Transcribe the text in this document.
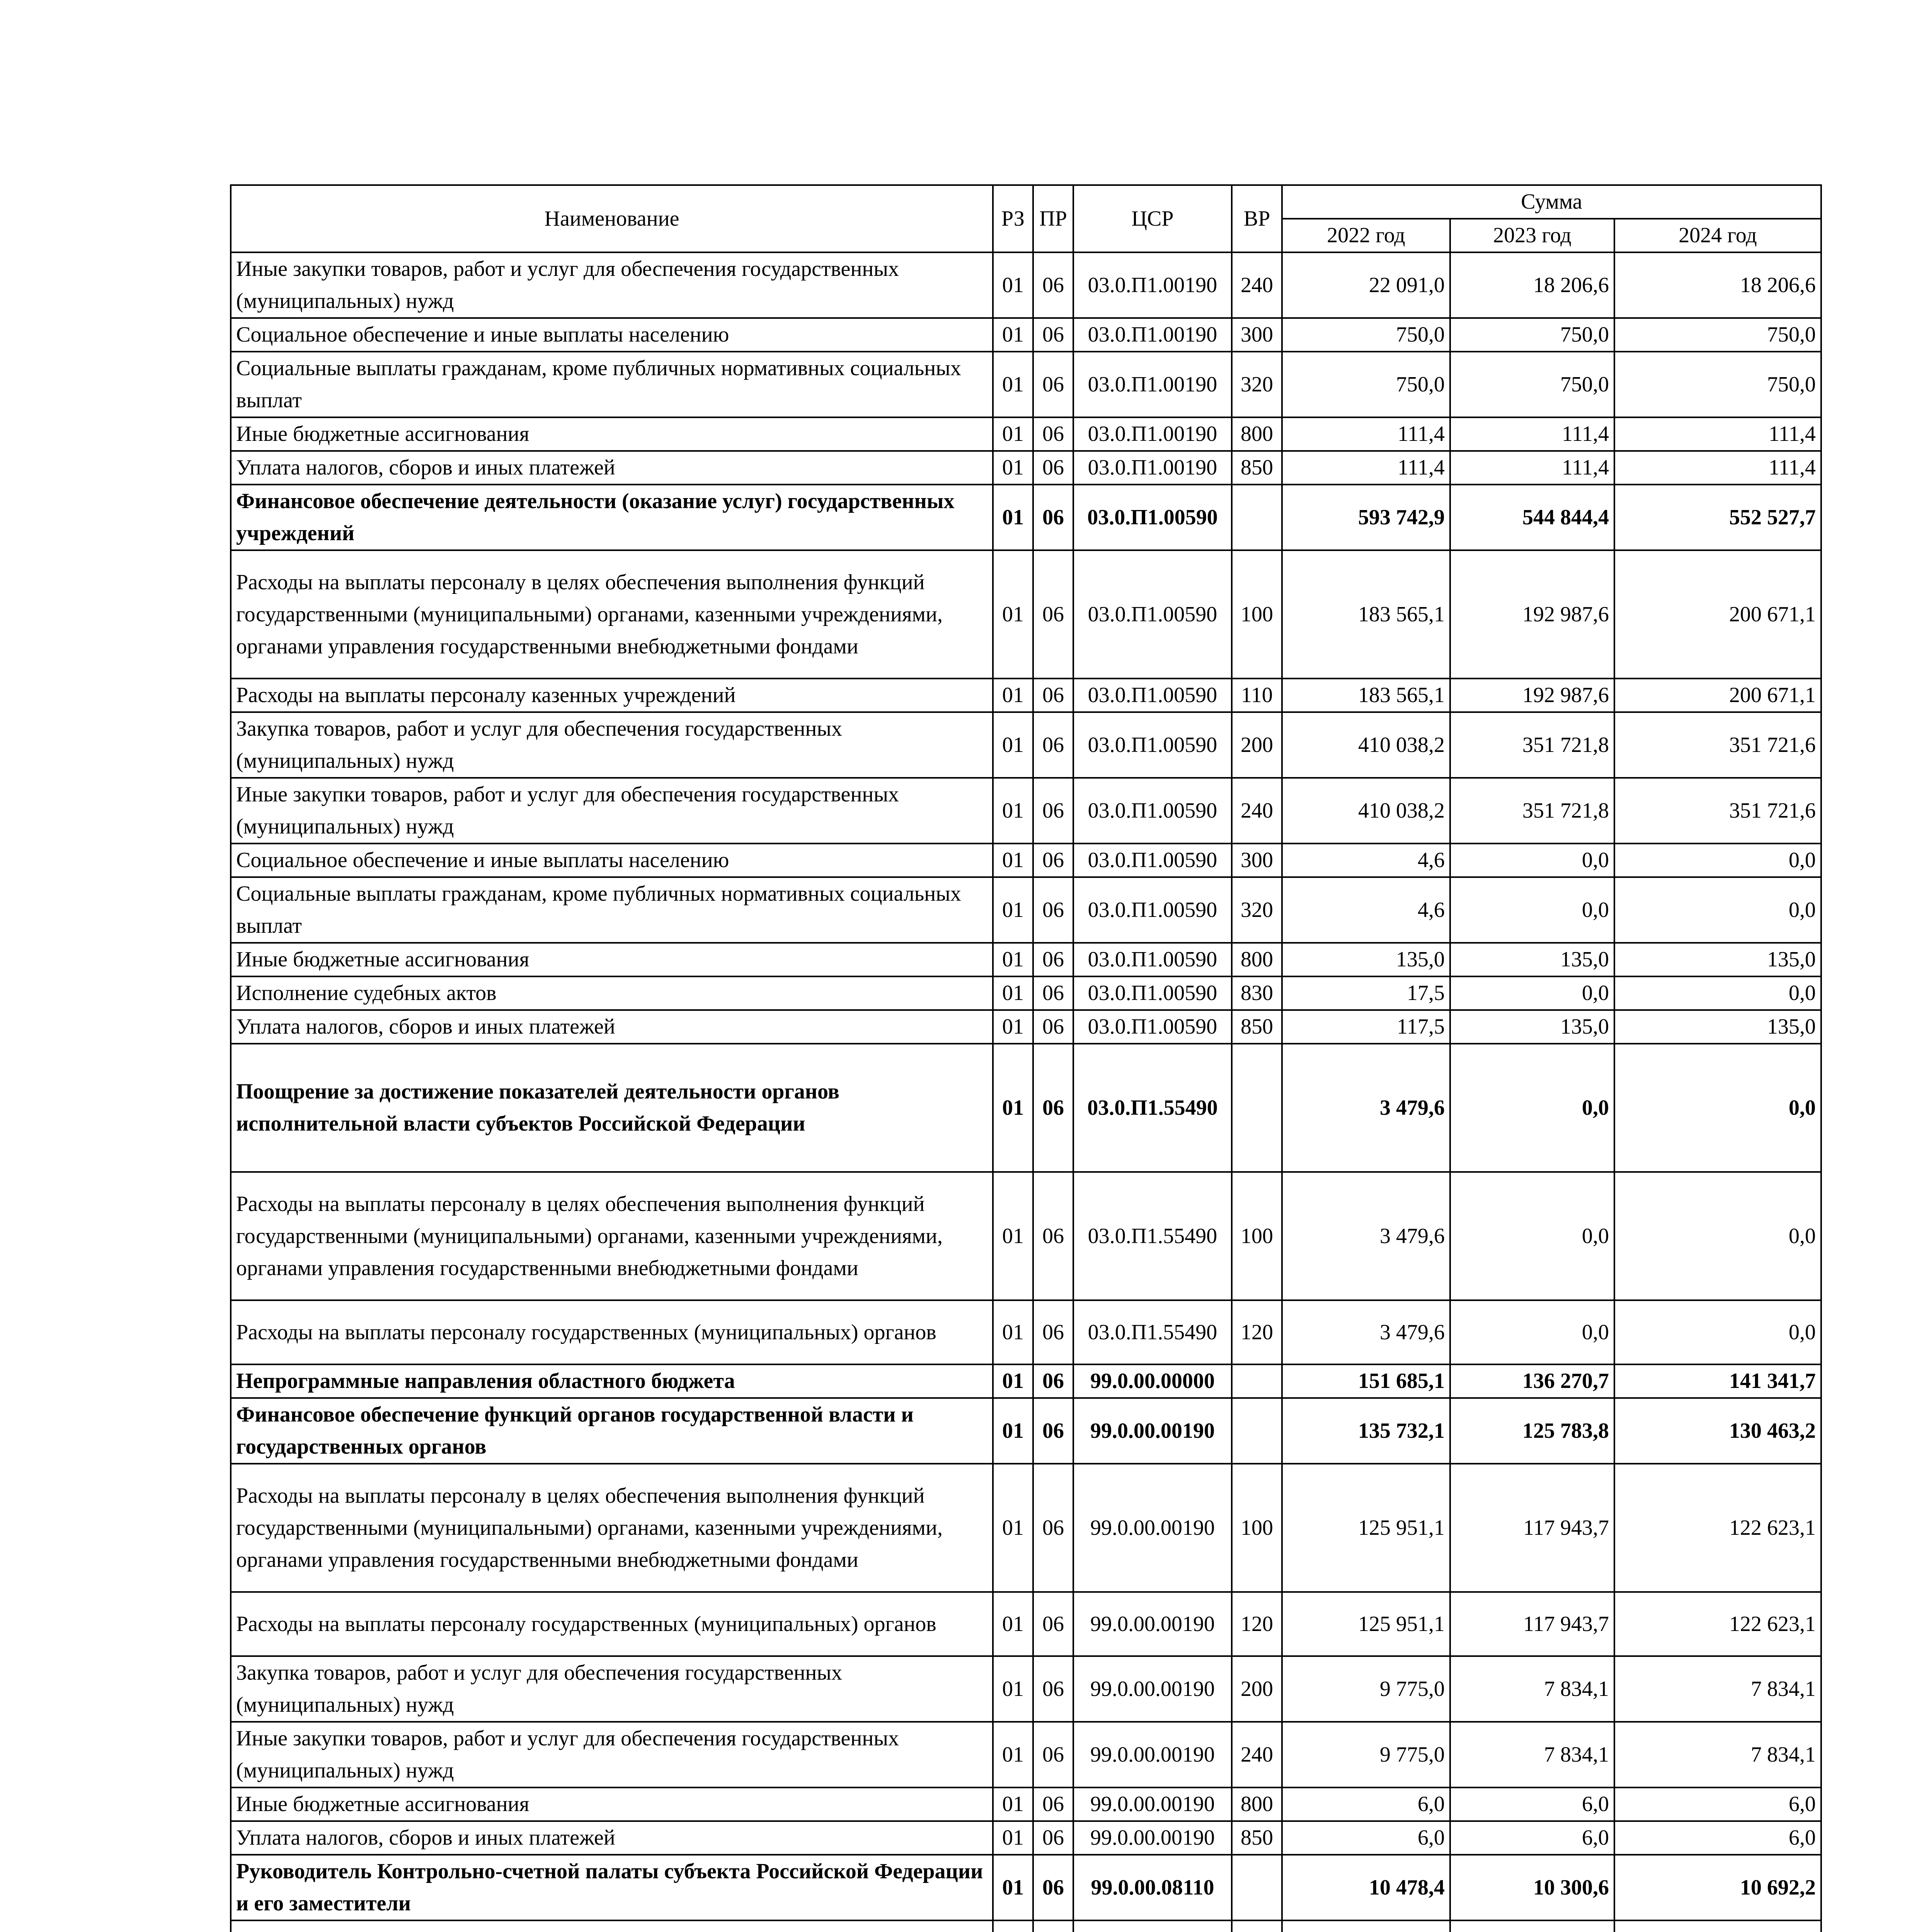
Наименование	РЗ	ПР	ЦСР	ВР	Сумма		
					2022 год	2023 год	2024 год
Иные закупки товаров, работ и услуг для обеспечения государственных (муниципальных) нужд	01	06	03.0.П1.00190	240	22 091,0	18 206,6	18 206,6
Социальное обеспечение и иные выплаты населению	01	06	03.0.П1.00190	300	750,0	750,0	750,0
Социальные выплаты гражданам, кроме публичных нормативных социальных выплат	01	06	03.0.П1.00190	320	750,0	750,0	750,0
Иные бюджетные ассигнования	01	06	03.0.П1.00190	800	111,4	111,4	111,4
Уплата налогов, сборов и иных платежей	01	06	03.0.П1.00190	850	111,4	111,4	111,4
Финансовое обеспечение деятельности (оказание услуг) государственных учреждений	01	06	03.0.П1.00590		593 742,9	544 844,4	552 527,7
Расходы на выплаты персоналу в целях обеспечения выполнения функций государственными (муниципальными) органами, казенными учреждениями, органами управления государственными внебюджетными фондами	01	06	03.0.П1.00590	100	183 565,1	192 987,6	200 671,1
Расходы на выплаты персоналу казенных учреждений	01	06	03.0.П1.00590	110	183 565,1	192 987,6	200 671,1
Закупка товаров, работ и услуг для обеспечения государственных (муниципальных) нужд	01	06	03.0.П1.00590	200	410 038,2	351 721,8	351 721,6
Иные закупки товаров, работ и услуг для обеспечения государственных (муниципальных) нужд	01	06	03.0.П1.00590	240	410 038,2	351 721,8	351 721,6
Социальное обеспечение и иные выплаты населению	01	06	03.0.П1.00590	300	4,6	0,0	0,0
Социальные выплаты гражданам, кроме публичных нормативных социальных выплат	01	06	03.0.П1.00590	320	4,6	0,0	0,0
Иные бюджетные ассигнования	01	06	03.0.П1.00590	800	135,0	135,0	135,0
Исполнение судебных актов	01	06	03.0.П1.00590	830	17,5	0,0	0,0
Уплата налогов, сборов и иных платежей	01	06	03.0.П1.00590	850	117,5	135,0	135,0
Поощрение за достижение показателей деятельности органов исполнительной власти субъектов Российской Федерации	01	06	03.0.П1.55490		3 479,6	0,0	0,0
Расходы на выплаты персоналу в целях обеспечения выполнения функций государственными (муниципальными) органами, казенными учреждениями, органами управления государственными внебюджетными фондами	01	06	03.0.П1.55490	100	3 479,6	0,0	0,0
Расходы на выплаты персоналу государственных (муниципальных) органов	01	06	03.0.П1.55490	120	3 479,6	0,0	0,0
Непрограммные направления областного бюджета	01	06	99.0.00.00000		151 685,1	136 270,7	141 341,7
Финансовое обеспечение функций органов государственной власти и государственных органов	01	06	99.0.00.00190		135 732,1	125 783,8	130 463,2
Расходы на выплаты персоналу в целях обеспечения выполнения функций государственными (муниципальными) органами, казенными учреждениями, органами управления государственными внебюджетными фондами	01	06	99.0.00.00190	100	125 951,1	117 943,7	122 623,1
Расходы на выплаты персоналу государственных (муниципальных) органов	01	06	99.0.00.00190	120	125 951,1	117 943,7	122 623,1
Закупка товаров, работ и услуг для обеспечения государственных (муниципальных) нужд	01	06	99.0.00.00190	200	9 775,0	7 834,1	7 834,1
Иные закупки товаров, работ и услуг для обеспечения государственных (муниципальных) нужд	01	06	99.0.00.00190	240	9 775,0	7 834,1	7 834,1
Иные бюджетные ассигнования	01	06	99.0.00.00190	800	6,0	6,0	6,0
Уплата налогов, сборов и иных платежей	01	06	99.0.00.00190	850	6,0	6,0	6,0
Руководитель Контрольно-счетной палаты субъекта Российской Федерации и его заместители	01	06	99.0.00.08110		10 478,4	10 300,6	10 692,2
